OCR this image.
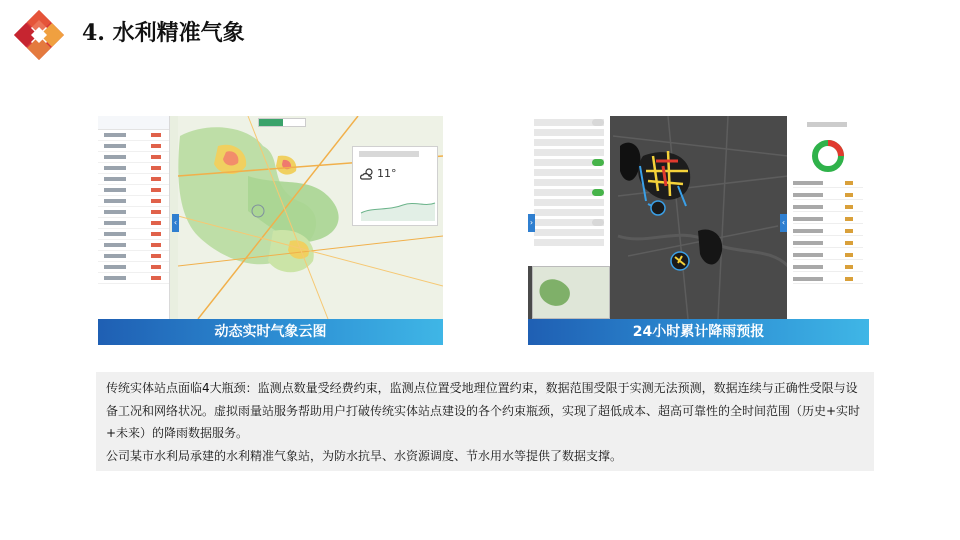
4. 水利精准气象
‹
11°
动态实时气象云图
›	‹
24小时累计降雨预报

传统实体站点面临4大瓶颈：监测点数量受经费约束，监测点位置受地理位置约束，数据范围受限于实测无法预测，数据连续与正确性受限与设备工况和网络状况。虚拟雨量站服务帮助用户打破传统实体站点建设的各个约束瓶颈，实现了超低成本、超高可靠性的全时间范围（历史+实时+未来）的降雨数据服务。

公司某市水利局承建的水利精准气象站，为防水抗旱、水资源调度、节水用水等提供了数据支撑。
